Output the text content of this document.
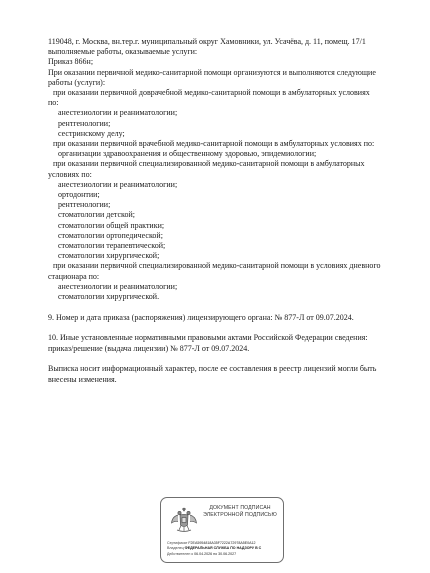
119048, г. Москва, вн.тер.г. муниципальный округ Хамовники, ул. Усачёва, д. 11, помещ. 17/1
выполняемые работы, оказываемые услуги:
Приказ 866н;
При оказании первичной медико-санитарной помощи организуются и выполняются следующие
работы (услуги):
при оказании первичной доврачебной медико-санитарной помощи в амбулаторных условиях
по:
анестезиологии и реаниматологии;
рентгенологии;
сестринскому делу;
при оказании первичной врачебной медико-санитарной помощи в амбулаторных условиях по:
организации здравоохранения и общественному здоровью, эпидемиологии;
при оказании первичной специализированной медико-санитарной помощи в амбулаторных
условиях по:
анестезиологии и реаниматологии;
ортодонтии;
рентгенологии;
стоматологии детской;
стоматологии общей практики;
стоматологии ортопедической;
стоматологии терапевтической;
стоматологии хирургической;
при оказании первичной специализированной медико-санитарной помощи в условиях дневного
стационара по:
анестезиологии и реаниматологии;
стоматологии хирургической.
9. Номер и дата приказа (распоряжения) лицензирующего органа: № 877-Л от 09.07.2024.
10. Иные установленные нормативными правовыми актами Российской Федерации сведения:
приказ/решение (выдача лицензии) № 877-Л от 09.07.2024.
Выписка носит информационный характер, после ее составления в реестр лицензий могли быть
внесены изменения.
ДОКУМЕНТ ПОДПИСАН
ЭЛЕКТРОННОЙ ПОДПИСЬЮ
Сертификат F2EA5954818A35F7222A72978A5E0A12
Владелец ФЕДЕРАЛЬНАЯ СЛУЖБА ПО НАДЗОРУ В С
Действителен с 06.04.2026 по 30.06.2027
